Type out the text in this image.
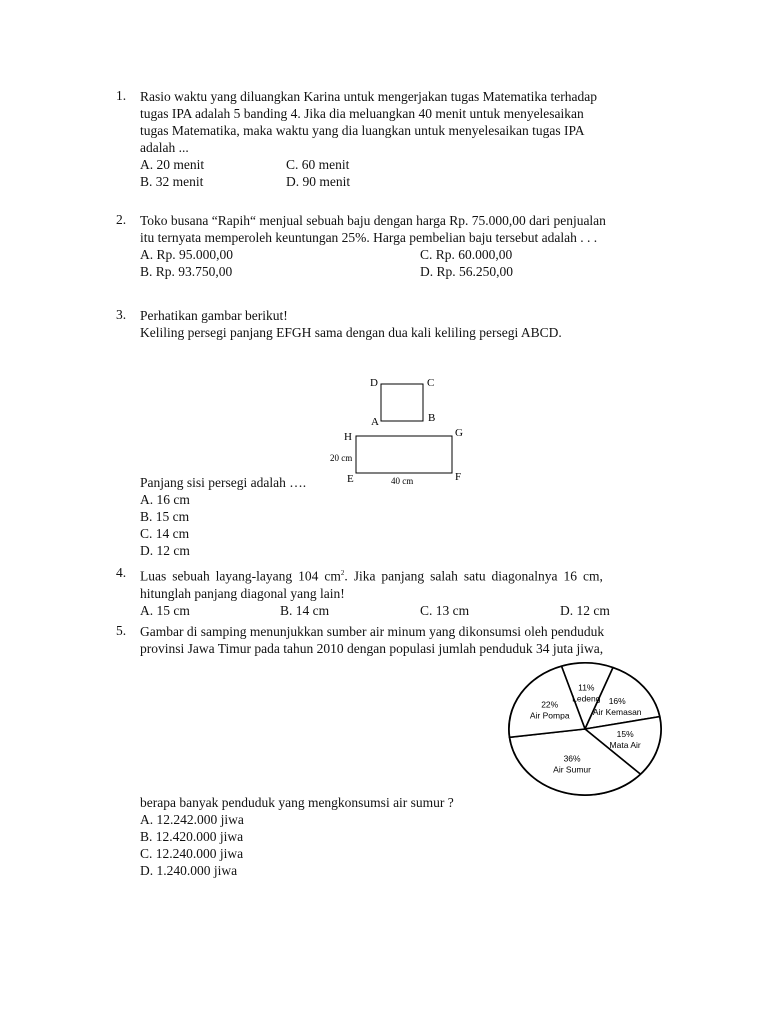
1. Rasio waktu yang diluangkan Karina untuk mengerjakan tugas Matematika terhadap
tugas IPA adalah 5 banding 4. Jika dia meluangkan 40 menit untuk menyelesaikan
tugas Matematika, maka waktu yang dia luangkan untuk menyelesaikan tugas IPA
adalah ...
A. 20 menit	C. 60 menit
B. 32 menit	D. 90 menit
2. Toko busana “Rapih“ menjual sebuah baju dengan harga Rp. 75.000,00 dari penjualan
itu ternyata memperoleh keuntungan 25%. Harga pembelian baju tersebut adalah . . .
A. Rp. 95.000,00	C. Rp. 60.000,00
B. Rp. 93.750,00	D. Rp. 56.250,00
3. Perhatikan gambar berikut!
Keliling persegi panjang EFGH sama dengan dua kali keliling persegi ABCD.
D	C
A	B
H	G
E	F
20 cm
40 cm
Panjang sisi persegi adalah ….
A. 16 cm
B. 15 cm
C. 14 cm
D. 12 cm
4. Luas sebuah layang-layang 104 $cm^2$. Jika panjang salah satu diagonalnya 16 cm,
hitunglah panjang diagonal yang lain!
A. 15 cm	B. 14 cm	C. 13 cm	D. 12 cm
5. Gambar di samping menunjukkan sumber air minum yang dikonsumsi oleh penduduk
provinsi Jawa Timur pada tahun 2010 dengan populasi jumlah penduduk 34 juta jiwa,
11%
Ledeng 16%
Air Kemasan
15%
Mata Air
36%
Air Sumur
22%
Air Pompa
berapa banyak penduduk yang mengkonsumsi air sumur ?
A. 12.242.000 jiwa
B. 12.420.000 jiwa
C. 12.240.000 jiwa
D. 1.240.000 jiwa
